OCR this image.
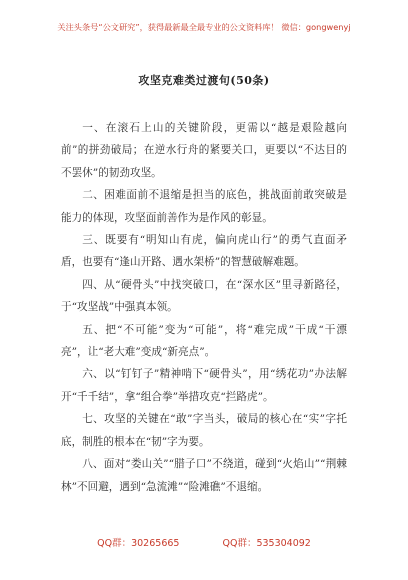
关注头条号“公文研究”，获得最新最全最专业的公文资料库！ 微信：gongwenyj
攻坚克难类过渡句(50条)

一、在滚石上山的关键阶段，更需以“越是艰险越向前”的拼劲破局；在逆水行舟的紧要关口，更要以“不达目的不罢休”的韧劲攻坚。

二、困难面前不退缩是担当的底色，挑战面前敢突破是能力的体现，攻坚面前善作为是作风的彰显。

三、既要有“明知山有虎，偏向虎山行”的勇气直面矛盾，也要有“逢山开路、遇水架桥”的智慧破解难题。

四、从“硬骨头”中找突破口，在“深水区”里寻新路径，于“攻坚战”中强真本领。

五、把“不可能”变为“可能”，将“难完成”干成“干漂亮”，让“老大难”变成“新亮点”。

六、以“钉钉子”精神啃下“硬骨头”，用“绣花功”办法解开“千千结”，拿“组合拳”举措攻克“拦路虎”。

七、攻坚的关键在“敢”字当头，破局的核心在“实”字托底，制胜的根本在“韧”字为要。

八、面对“娄山关”“腊子口”不绕道，碰到“火焰山”“荆棘林”不回避，遇到“急流滩”“险滩礁”不退缩。

QQ群：30265665	QQ群：535304092
